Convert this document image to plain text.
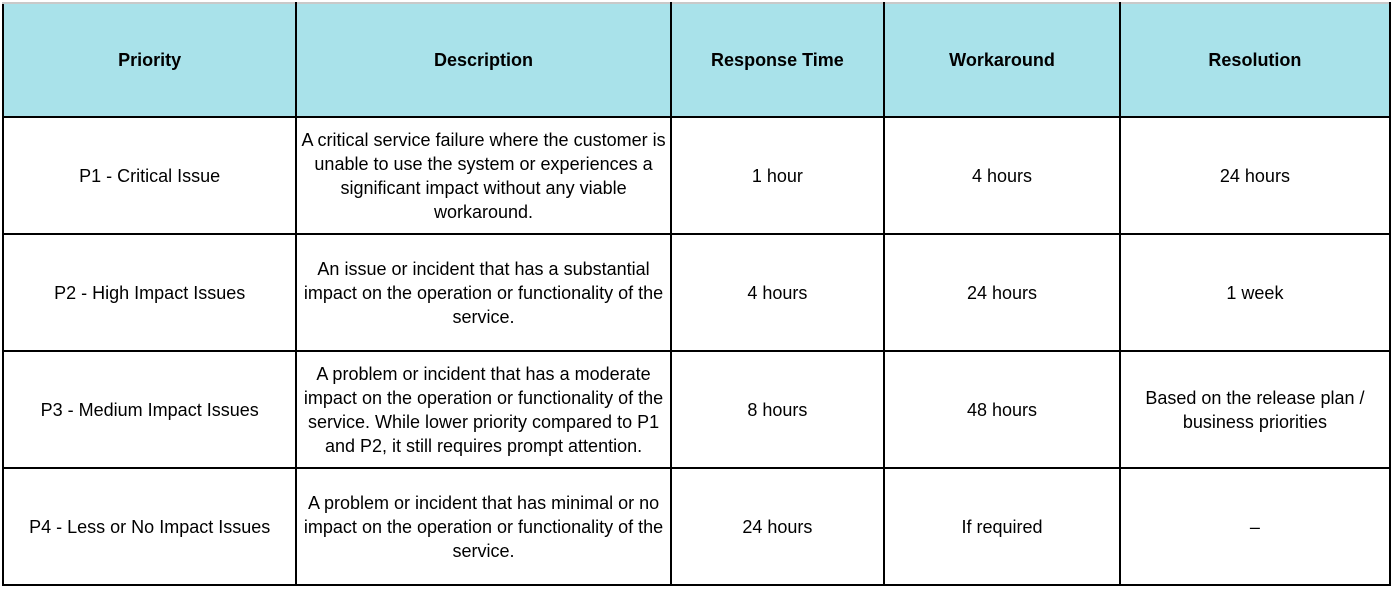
Priority	Description	Response Time	Workaround	Resolution
P1 - Critical Issue	A critical service failure where the customer is unable to use the system or experiences a significant impact without any viable workaround.	1 hour	4 hours	24 hours
P2 - High Impact Issues	An issue or incident that has a substantial impact on the operation or functionality of the service.	4 hours	24 hours	1 week
P3 - Medium Impact Issues	A problem or incident that has a moderate impact on the operation or functionality of the service. While lower priority compared to P1 and P2, it still requires prompt attention.	8 hours	48 hours	Based on the release plan / business priorities
P4 - Less or No Impact Issues	A problem or incident that has minimal or no impact on the operation or functionality of the service.	24 hours	If required	–
